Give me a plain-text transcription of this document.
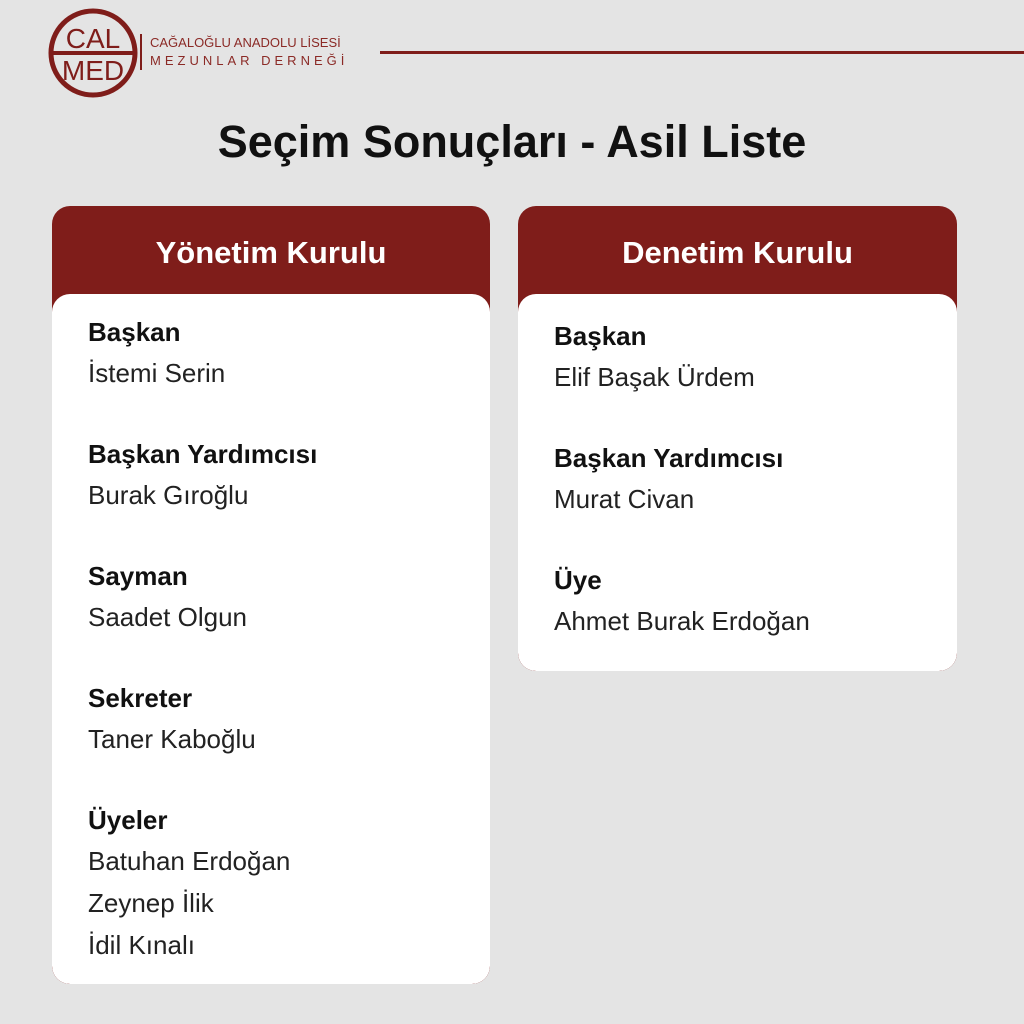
CAL
MED
CAĞALOĞLU ANADOLU LİSESİ
MEZUNLAR DERNEĞİ
Seçim Sonuçları - Asil Liste
Yönetim Kurulu
Başkan
İstemi Serin
Başkan Yardımcısı
Burak Gıroğlu
Sayman
Saadet Olgun
Sekreter
Taner Kaboğlu
Üyeler
Batuhan Erdoğan
Zeynep İlik
İdil Kınalı
Denetim Kurulu
Başkan
Elif Başak Ürdem
Başkan Yardımcısı
Murat Civan
Üye
Ahmet Burak Erdoğan
